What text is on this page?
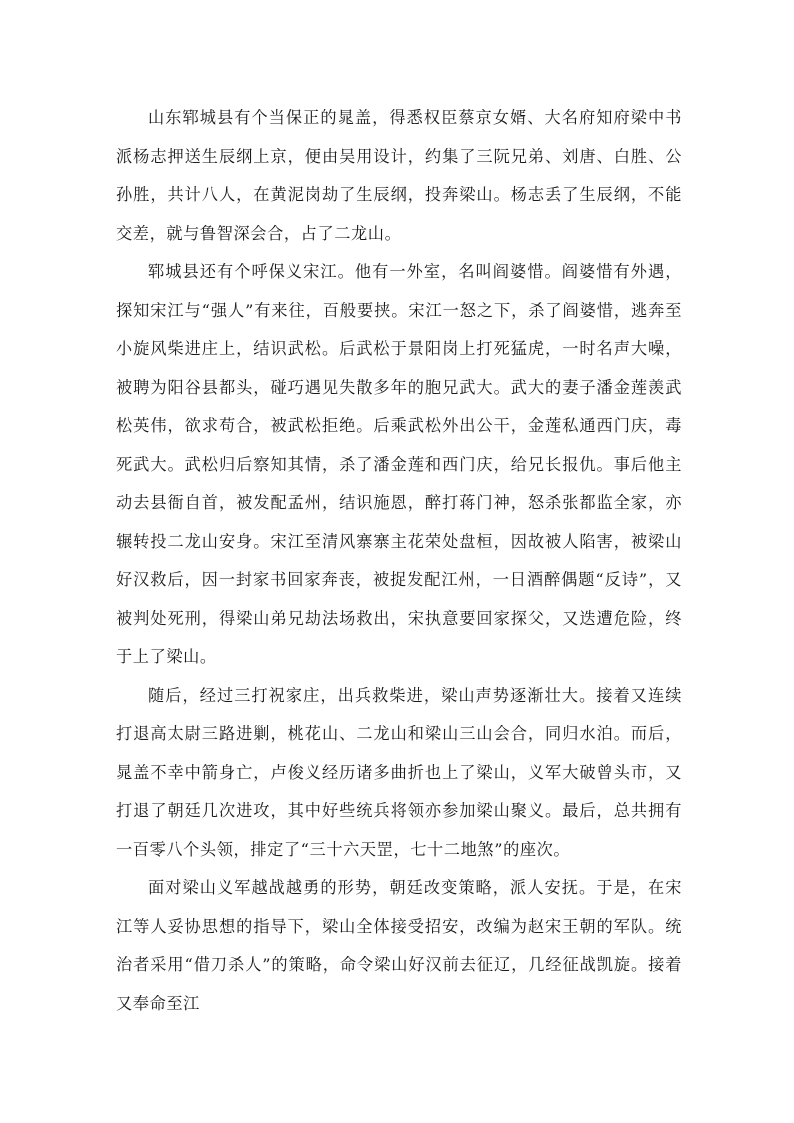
山东郓城县有个当保正的晁盖，得悉权臣蔡京女婿、大名府知府梁中书派杨志押送生辰纲上京，便由吴用设计，约集了三阮兄弟、刘唐、白胜、公孙胜，共计八人，在黄泥岗劫了生辰纲，投奔梁山。杨志丢了生辰纲，不能交差，就与鲁智深会合，占了二龙山。

郓城县还有个呼保义宋江。他有一外室，名叫阎婆惜。阎婆惜有外遇，探知宋江与“强人”有来往，百般要挟。宋江一怒之下，杀了阎婆惜，逃奔至小旋风柴进庄上，结识武松。后武松于景阳岗上打死猛虎，一时名声大噪，被聘为阳谷县都头，碰巧遇见失散多年的胞兄武大。武大的妻子潘金莲羡武松英伟，欲求苟合，被武松拒绝。后乘武松外出公干，金莲私通西门庆，毒死武大。武松归后察知其情，杀了潘金莲和西门庆，给兄长报仇。事后他主动去县衙自首，被发配孟州，结识施恩，醉打蒋门神，怒杀张都监全家，亦辗转投二龙山安身。宋江至清风寨寨主花荣处盘桓，因故被人陷害，被梁山好汉救后，因一封家书回家奔丧，被捉发配江州，一日酒醉偶题“反诗”，又被判处死刑，得梁山弟兄劫法场救出，宋执意要回家探父，又迭遭危险，终于上了梁山。

随后，经过三打祝家庄，出兵救柴进，梁山声势逐渐壮大。接着又连续打退高太尉三路进剿，桃花山、二龙山和梁山三山会合，同归水泊。而后，晁盖不幸中箭身亡，卢俊义经历诸多曲折也上了梁山，义军大破曾头市，又打退了朝廷几次进攻，其中好些统兵将领亦参加梁山聚义。最后，总共拥有一百零八个头领，排定了“三十六天罡，七十二地煞”的座次。

面对梁山义军越战越勇的形势，朝廷改变策略，派人安抚。于是，在宋江等人妥协思想的指导下，梁山全体接受招安，改编为赵宋王朝的军队。统治者采用“借刀杀人”的策略，命令梁山好汉前去征辽，几经征战凯旋。接着又奉命至江
